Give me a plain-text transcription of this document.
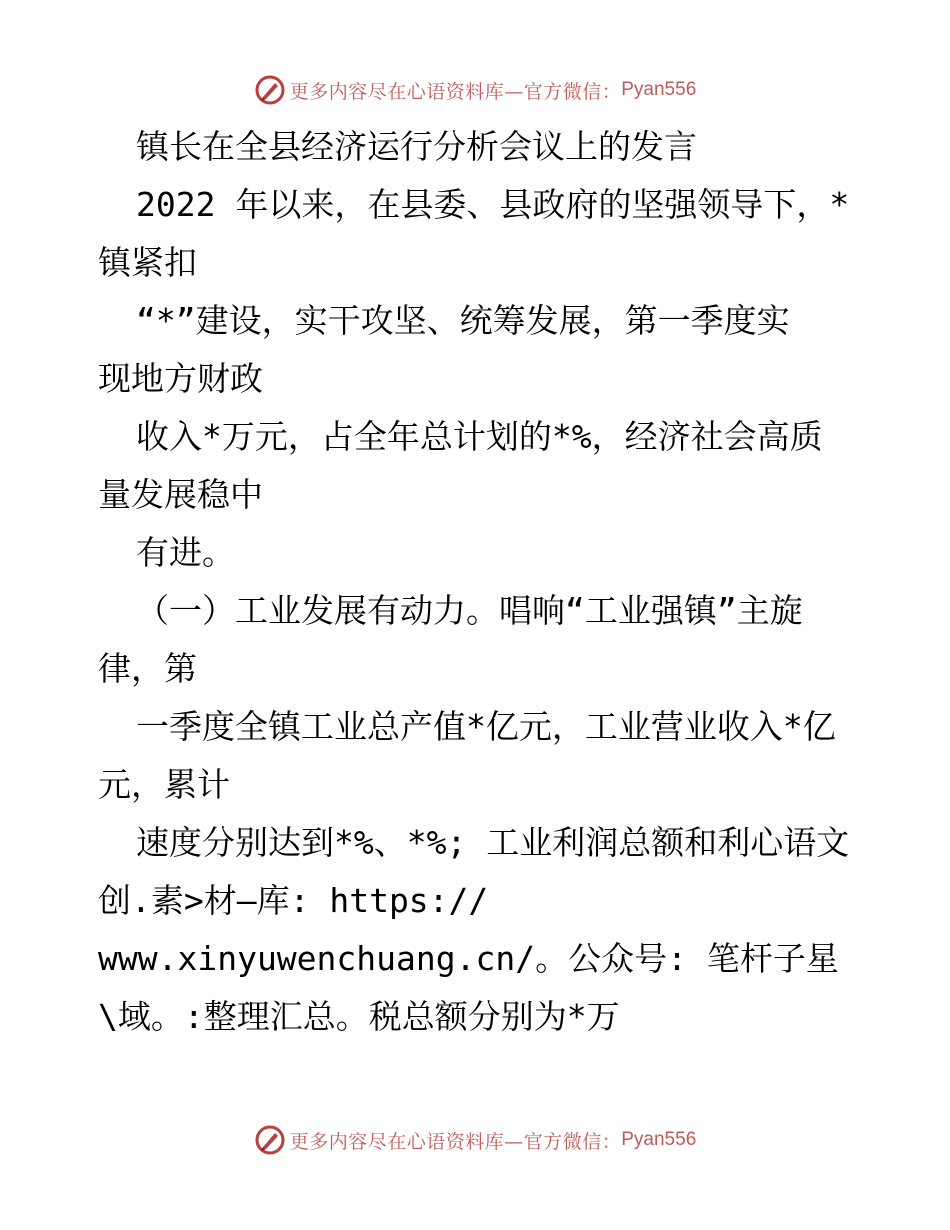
更多内容尽在心语资料库—官方微信： Pyan556
镇长在全县经济运行分析会议上的发言
2022 年以来，在县委、县政府的坚强领导下，*
镇紧扣
“*”建设，实干攻坚、统筹发展，第一季度实
现地方财政
收入*万元，占全年总计划的*%，经济社会高质
量发展稳中
有进。
（一）工业发展有动力。唱响“工业强镇”主旋
律，第
一季度全镇工业总产值*亿元，工业营业收入*亿
元，累计
速度分别达到*%、*%; 工业利润总额和利心语文
创.素>材—库: https://
www.xinyuwenchuang.cn/。公众号: 笔杆子星
\域。:整理汇总。税总额分别为*万
更多内容尽在心语资料库—官方微信： Pyan556
